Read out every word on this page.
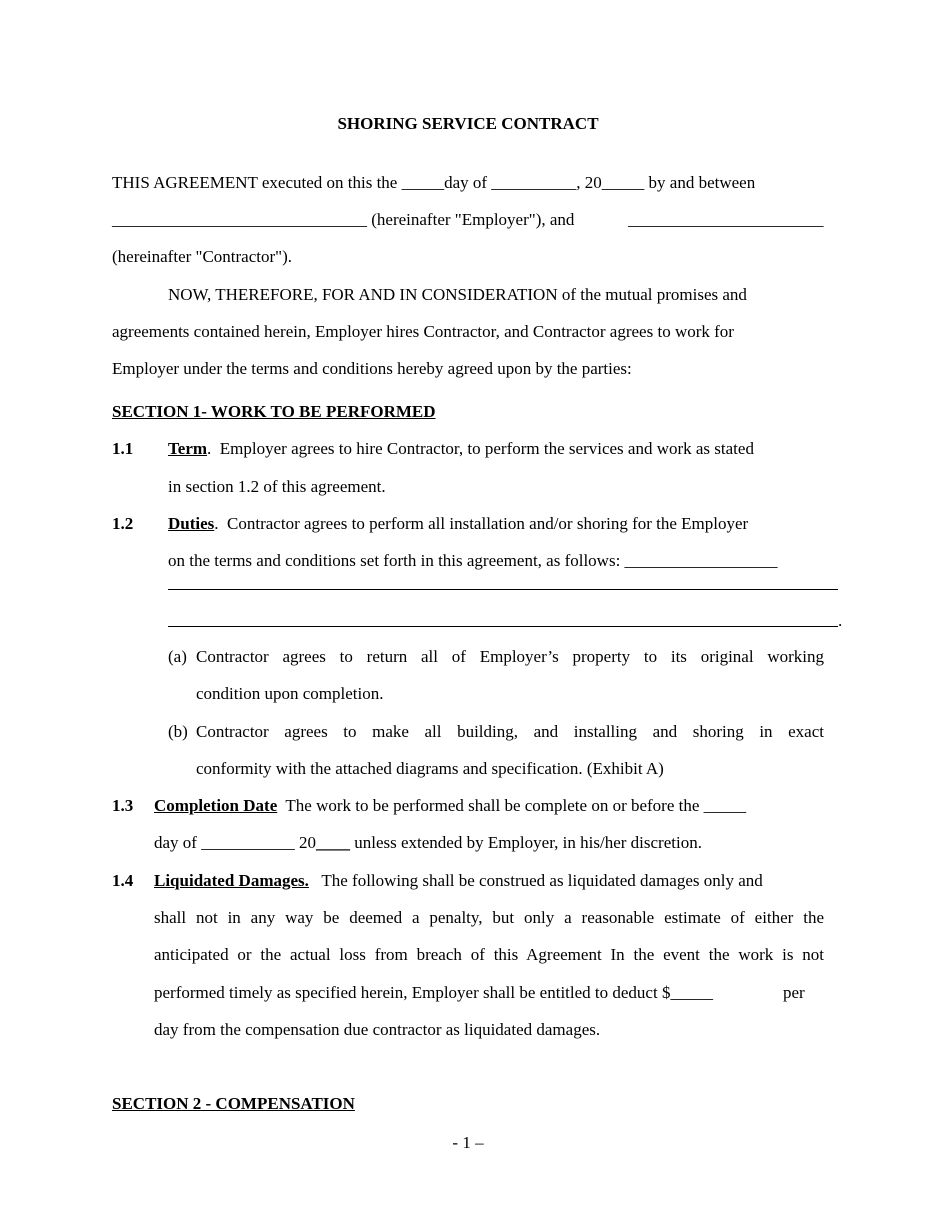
SHORING SERVICE CONTRACT
THIS AGREEMENT executed on this the _____day of __________, 20_____ by and between
______________________________ (hereinafter "Employer"), and	_______________________
(hereinafter "Contractor").
NOW, THEREFORE, FOR AND IN CONSIDERATION of the mutual promises and
agreements contained herein, Employer hires Contractor, and Contractor agrees to work for
Employer under the terms and conditions hereby agreed upon by the parties:
SECTION 1- WORK TO BE PERFORMED
1.1 Term.  Employer agrees to hire Contractor, to perform the services and work as stated
in section 1.2 of this agreement.
1.2 Duties.  Contractor agrees to perform all installation and/or shoring for the Employer
on the terms and conditions set forth in this agreement, as follows: __________________
.
(a) Contractor agrees to return all of Employer’s property to its original working
condition upon completion.
(b) Contractor agrees to make all building, and installing and shoring in exact
conformity with the attached diagrams and specification. (Exhibit A)
1.3 Completion Date  The work to be performed shall be complete on or before the _____
day of ___________ 20____ unless extended by Employer, in his/her discretion.
1.4 Liquidated Damages.   The following shall be construed as liquidated damages only and
shall not in any way be deemed a penalty, but only a reasonable estimate of either the
anticipated or the actual loss from breach of this Agreement In the event the work is not
performed timely as specified herein, Employer shall be entitled to deduct $_____	per
day from the compensation due contractor as liquidated damages.
SECTION 2 - COMPENSATION
- 1 –
